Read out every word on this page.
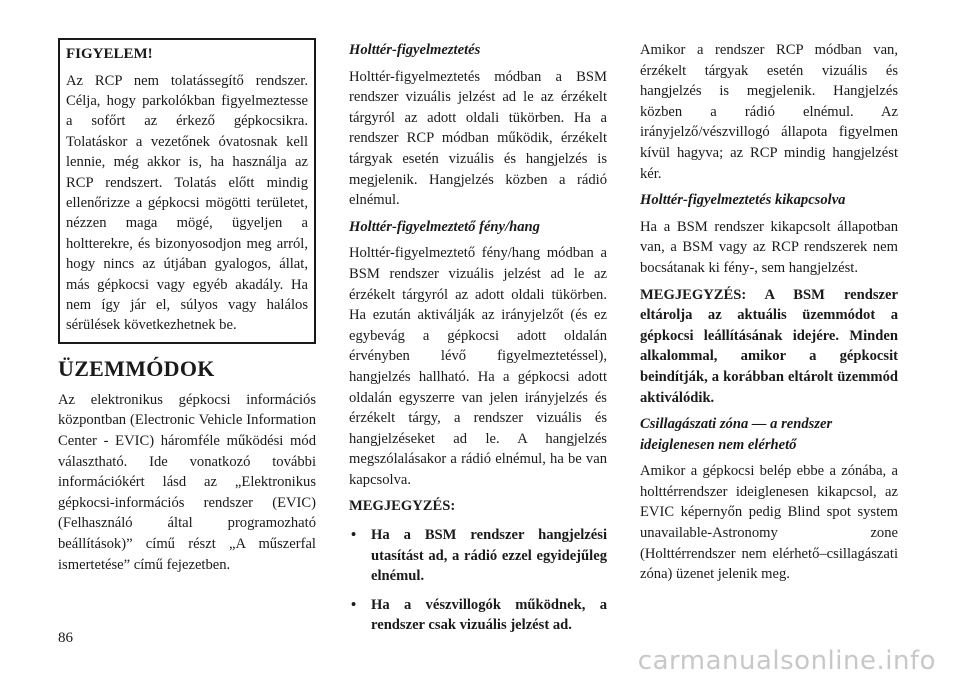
FIGYELEM!

Az RCP nem tolatássegítő rendszer. Célja, hogy parkolókban figyelmeztesse a sofőrt az érkező gépkocsikra. Tolatáskor a vezetőnek óvatosnak kell lennie, még akkor is, ha használja az RCP rendszert. Tolatás előtt mindig ellenőrizze a gépkocsi mögötti területet, nézzen maga mögé, ügyeljen a holtterekre, és bizonyosodjon meg arról, hogy nincs az útjában gyalogos, állat, más gépkocsi vagy egyéb akadály. Ha nem így jár el, súlyos vagy halálos sérülések következhetnek be.

ÜZEMMÓDOK

Az elektronikus gépkocsi információs központban (Electronic Vehicle Information Center - EVIC) háromféle működési mód választható. Ide vonatkozó további információkért lásd az „Elektronikus gépkocsi-információs rendszer (EVIC) (Felhasználó által programozható beállítások)” című részt „A műszerfal ismertetése” című fejezetben.

Holttér-figyelmeztetés

Holttér-figyelmeztetés módban a BSM rendszer vizuális jelzést ad le az érzékelt tárgyról az adott oldali tükörben. Ha a rendszer RCP módban működik, érzékelt tárgyak esetén vizuális és hangjelzés is megjelenik. Hangjelzés közben a rádió elnémul.

Holttér-figyelmeztető fény/hang

Holttér-figyelmeztető fény/hang módban a BSM rendszer vizuális jelzést ad le az érzékelt tárgyról az adott oldali tükörben. Ha ezután aktiválják az irányjelzőt (és ez egybevág a gépkocsi adott oldalán érvényben lévő figyelmeztetéssel), hangjelzés hallható. Ha a gépkocsi adott oldalán egyszerre van jelen irányjelzés és érzékelt tárgy, a rendszer vizuális és hangjelzéseket ad le. A hangjelzés megszólalásakor a rádió elnémul, ha be van kapcsolva.

MEGJEGYZÉS:
• Ha a BSM rendszer hangjelzési utasítást ad, a rádió ezzel egyidejűleg elnémul.
• Ha a vészvillogók működnek, a rendszer csak vizuális jelzést ad.

Amikor a rendszer RCP módban van, érzékelt tárgyak esetén vizuális és hangjelzés is megjelenik. Hangjelzés közben a rádió elnémul. Az irányjelző/vészvillogó állapota figyelmen kívül hagyva; az RCP mindig hangjelzést kér.

Holttér-figyelmeztetés kikapcsolva

Ha a BSM rendszer kikapcsolt állapotban van, a BSM vagy az RCP rendszerek nem bocsátanak ki fény-, sem hangjelzést.

MEGJEGYZÉS: A BSM rendszer eltárolja az aktuális üzemmódot a gépkocsi leállításának idejére. Minden alkalommal, amikor a gépkocsit beindítják, a korábban eltárolt üzemmód aktiválódik.

Csillagászati zóna — a rendszer ideiglenesen nem elérhető

Amikor a gépkocsi belép ebbe a zónába, a holttérrendszer ideiglenesen kikapcsol, az EVIC képernyőn pedig Blind spot system unavailable-Astronomy zone (Holttérrendszer nem elérhető–csillagászati zóna) üzenet jelenik meg.

86
carmanualsonline.info
